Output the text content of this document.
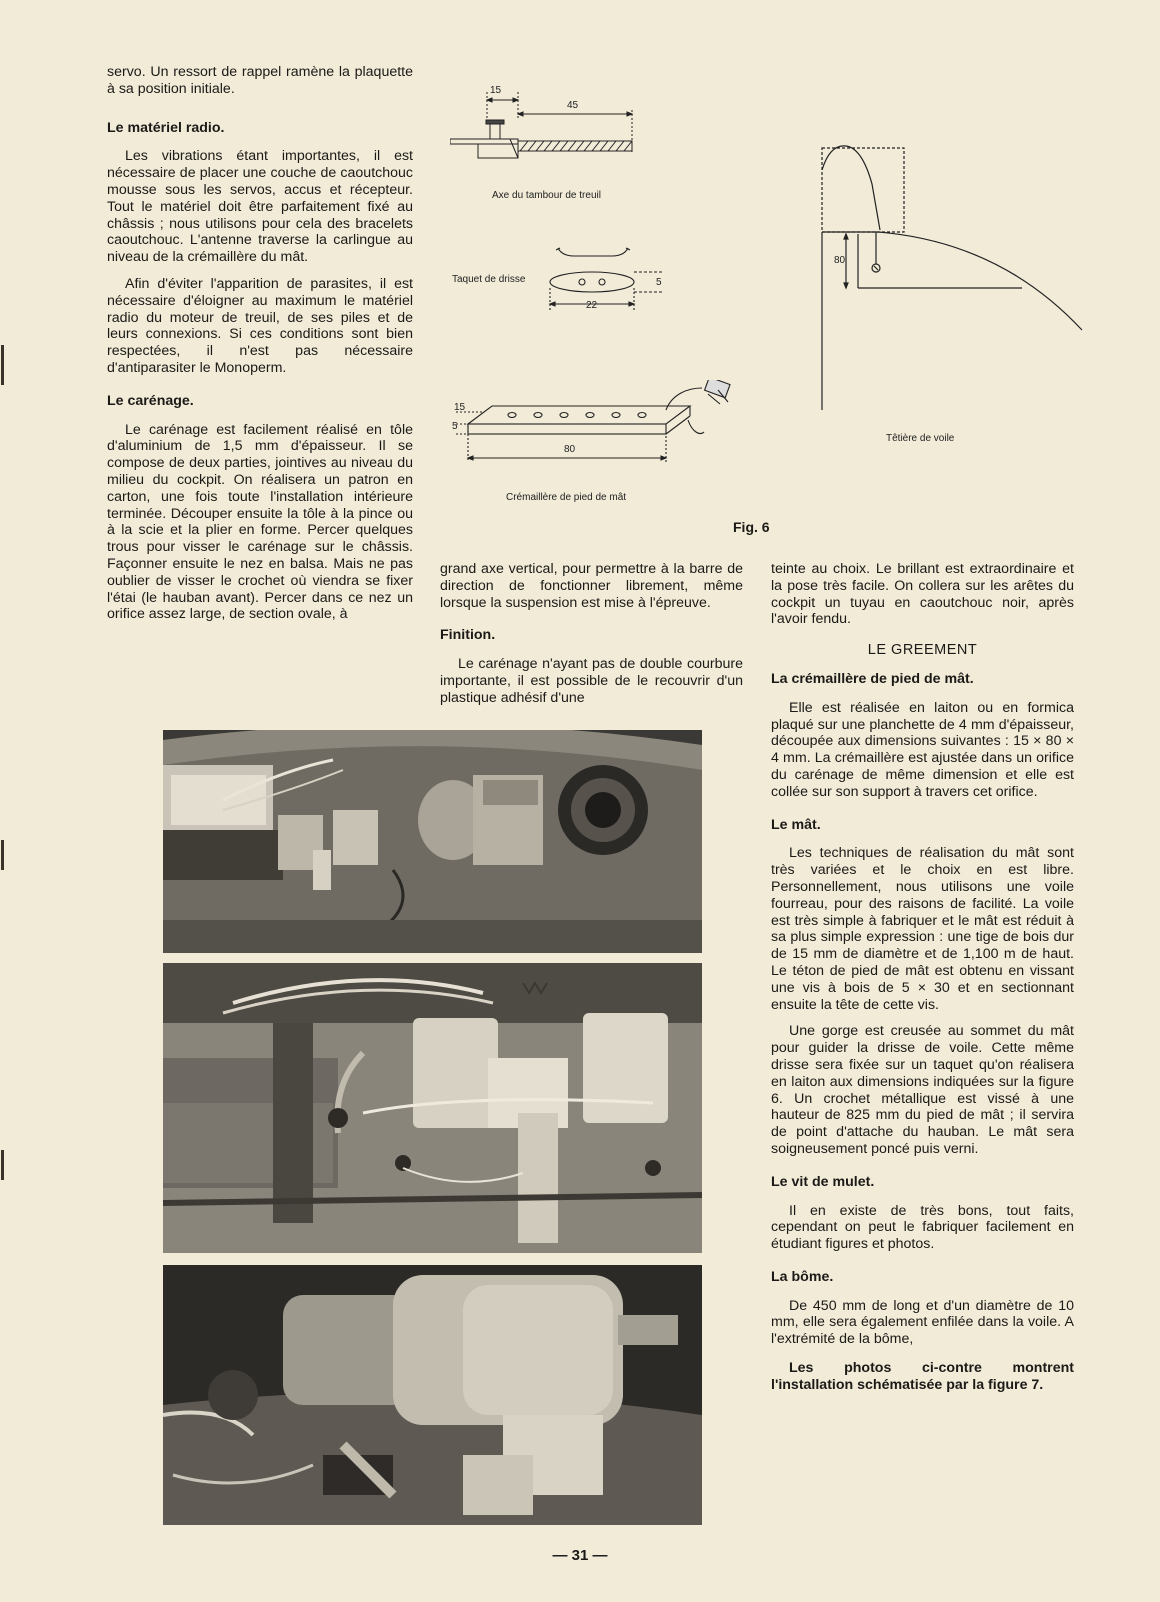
servo. Un ressort de rappel ramène la plaquette à sa position initiale.

Le matériel radio.

Les vibrations étant importantes, il est nécessaire de placer une couche de caoutchouc mousse sous les servos, accus et récepteur. Tout le matériel doit être parfaitement fixé au châssis ; nous utilisons pour cela des bracelets caoutchouc. L'antenne traverse la carlingue au niveau de la crémaillère du mât.

Afin d'éviter l'apparition de parasites, il est nécessaire d'éloigner au maximum le matériel radio du moteur de treuil, de ses piles et de leurs connexions. Si ces conditions sont bien respectées, il n'est pas nécessaire d'antiparasiter le Monoperm.

Le carénage.

Le carénage est facilement réalisé en tôle d'aluminium de 1,5 mm d'épaisseur. Il se compose de deux parties, jointives au niveau du milieu du cockpit. On réalisera un patron en carton, une fois toute l'installation intérieure terminée. Découper ensuite la tôle à la pince ou à la scie et la plier en forme. Percer quelques trous pour visser le carénage sur le châssis. Façonner ensuite le nez en balsa. Mais ne pas oublier de visser le crochet où viendra se fixer l'étai (le hauban avant). Percer dans ce nez un orifice assez large, de section ovale, à

grand axe vertical, pour permettre à la barre de direction de fonctionner librement, même lorsque la suspension est mise à l'épreuve.

Finition.

Le carénage n'ayant pas de double courbure importante, il est possible de le recouvrir d'un plastique adhésif d'une

teinte au choix. Le brillant est extraordinaire et la pose très facile. On collera sur les arêtes du cockpit un tuyau en caoutchouc noir, après l'avoir fendu.

LE GREEMENT
La crémaillère de pied de mât.

Elle est réalisée en laiton ou en formica plaqué sur une planchette de 4 mm d'épaisseur, découpée aux dimensions suivantes : 15 × 80 × 4 mm. La crémaillère est ajustée dans un orifice du carénage de même dimension et elle est collée sur son support à travers cet orifice.

Le mât.

Les techniques de réalisation du mât sont très variées et le choix en est libre. Personnellement, nous utilisons une voile fourreau, pour des raisons de facilité. La voile est très simple à fabriquer et le mât est réduit à sa plus simple expression : une tige de bois dur de 15 mm de diamètre et de 1,100 m de haut. Le téton de pied de mât est obtenu en vissant une vis à bois de 5 × 30 et en sectionnant ensuite la tête de cette vis.

Une gorge est creusée au sommet du mât pour guider la drisse de voile. Cette même drisse sera fixée sur un taquet qu'on réalisera en laiton aux dimensions indiquées sur la figure 6. Un crochet métallique est vissé à une hauteur de 825 mm du pied de mât ; il servira de point d'attache du hauban. Le mât sera soigneusement poncé puis verni.

Le vit de mulet.

Il en existe de très bons, tout faits, cependant on peut le fabriquer facilement en étudiant figures et photos.

La bôme.

De 450 mm de long et d'un diamètre de 10 mm, elle sera également enfilée dans la voile. A l'extrémité de la bôme,

Les photos ci-contre montrent l'installation schématisée par la figure 7.

15
45
Axe du tambour de treuil
Taquet de drisse	5
22
15
5
80
Crémaillère de pied de mât
80
Têtière de voile
Fig. 6
— 31 —
